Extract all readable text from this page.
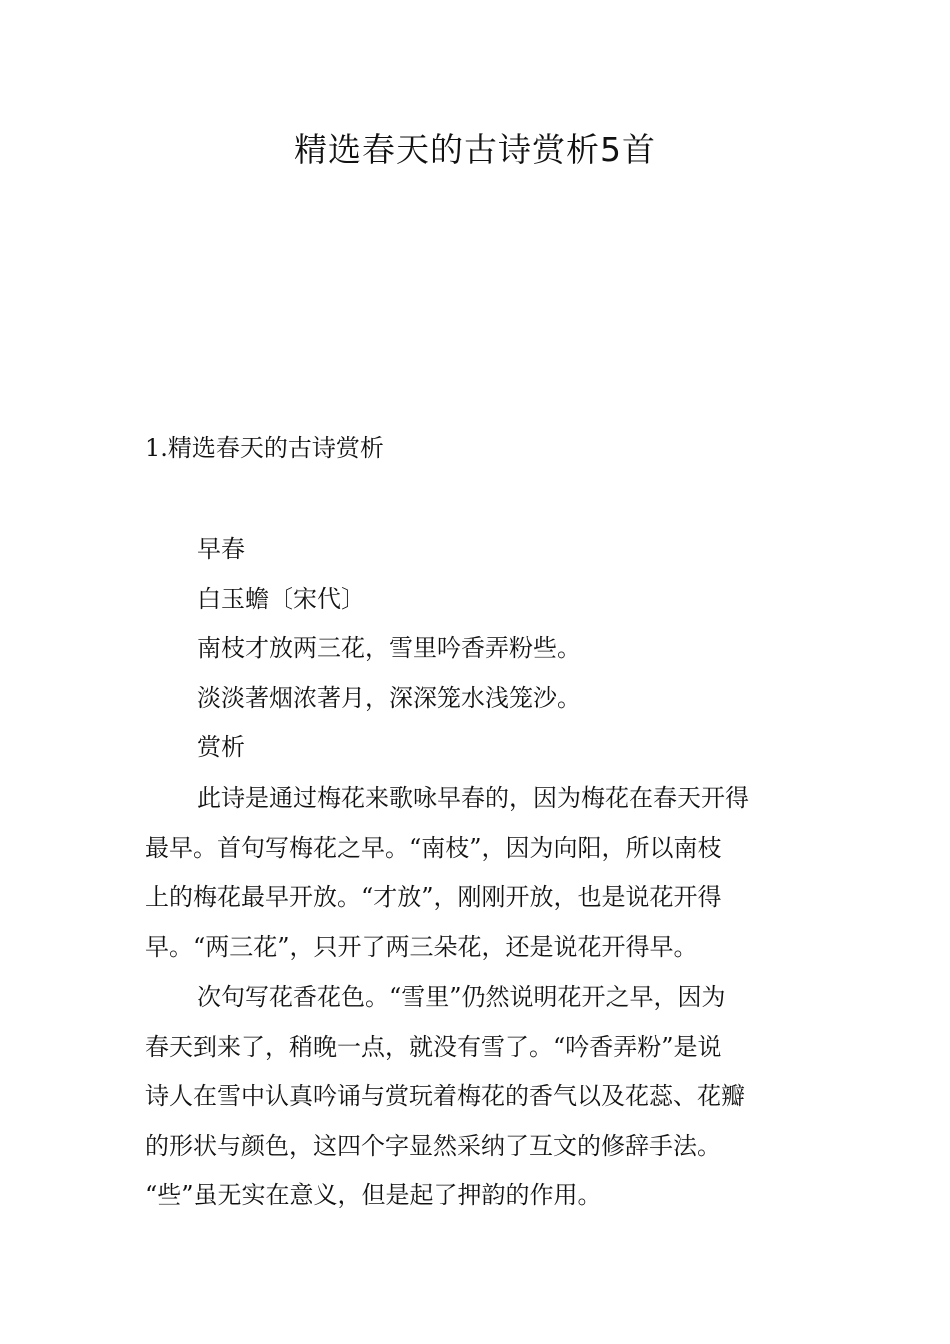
精选春天的古诗赏析5首
1.精选春天的古诗赏析
早春
白玉蟾〔宋代〕
南枝才放两三花，雪里吟香弄粉些。
淡淡著烟浓著月，深深笼水浅笼沙。
赏析
此诗是通过梅花来歌咏早春的，因为梅花在春天开得
最早。首句写梅花之早。“南枝”，因为向阳，所以南枝
上的梅花最早开放。“才放”，刚刚开放，也是说花开得
早。“两三花”，只开了两三朵花，还是说花开得早。
次句写花香花色。“雪里”仍然说明花开之早，因为
春天到来了，稍晚一点，就没有雪了。“吟香弄粉”是说
诗人在雪中认真吟诵与赏玩着梅花的香气以及花蕊、花瓣
的形状与颜色，这四个字显然采纳了互文的修辞手法。
“些”虽无实在意义，但是起了押韵的作用。
